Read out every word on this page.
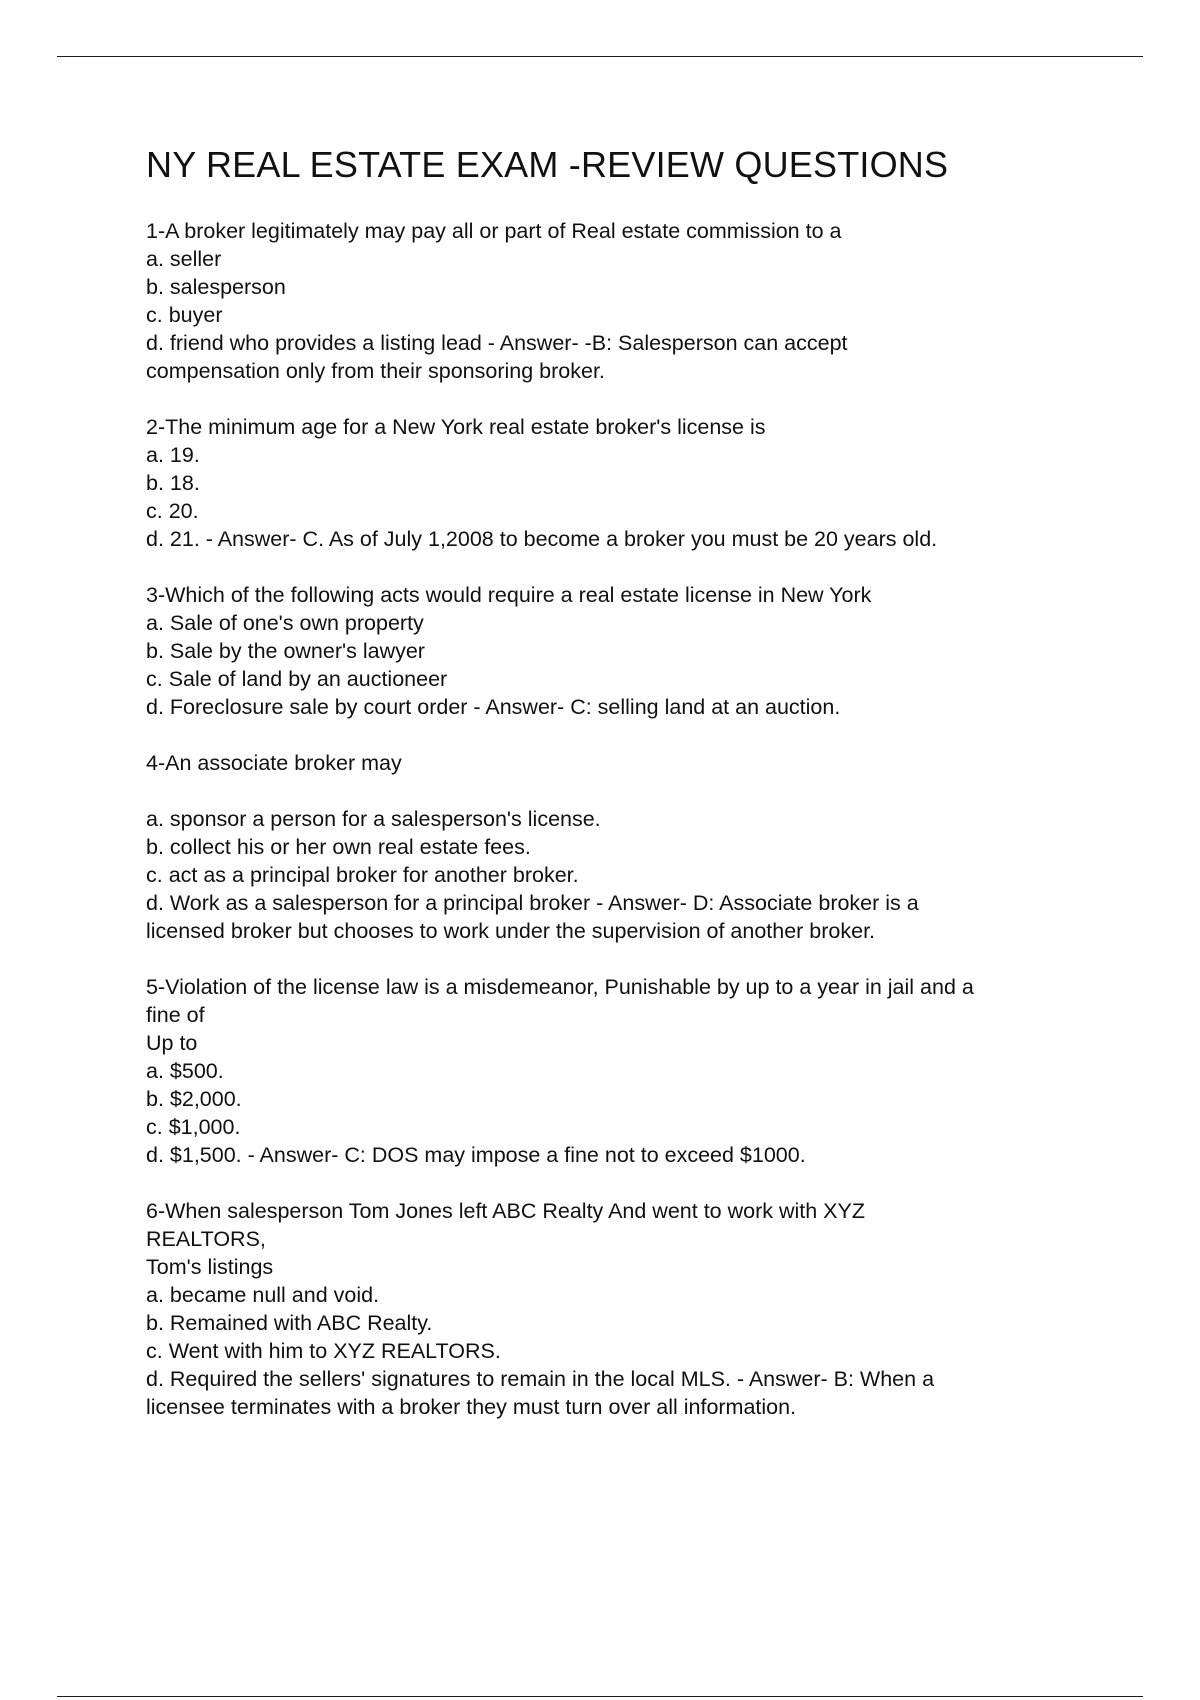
NY REAL ESTATE EXAM -REVIEW QUESTIONS
1-A broker legitimately may pay all or part of Real estate commission to a
a. seller
b. salesperson
c. buyer
d. friend who provides a listing lead - Answer- -B: Salesperson can accept
compensation only from their sponsoring broker.
2-The minimum age for a New York real estate broker's license is
a. 19.
b. 18.
c. 20.
d. 21. - Answer- C. As of July 1,2008 to become a broker you must be 20 years old.
3-Which of the following acts would require a real estate license in New York
a. Sale of one's own property
b. Sale by the owner's lawyer
c. Sale of land by an auctioneer
d. Foreclosure sale by court order - Answer- C: selling land at an auction.
4-An associate broker may
a. sponsor a person for a salesperson's license.
b. collect his or her own real estate fees.
c. act as a principal broker for another broker.
d. Work as a salesperson for a principal broker - Answer- D: Associate broker is a
licensed broker but chooses to work under the supervision of another broker.
5-Violation of the license law is a misdemeanor, Punishable by up to a year in jail and a
fine of
Up to
a. $500.
b. $2,000.
c. $1,000.
d. $1,500. - Answer- C: DOS may impose a fine not to exceed $1000.
6-When salesperson Tom Jones left ABC Realty And went to work with XYZ
REALTORS,
Tom's listings
a. became null and void.
b. Remained with ABC Realty.
c. Went with him to XYZ REALTORS.
d. Required the sellers' signatures to remain in the local MLS. - Answer- B: When a
licensee terminates with a broker they must turn over all information.
